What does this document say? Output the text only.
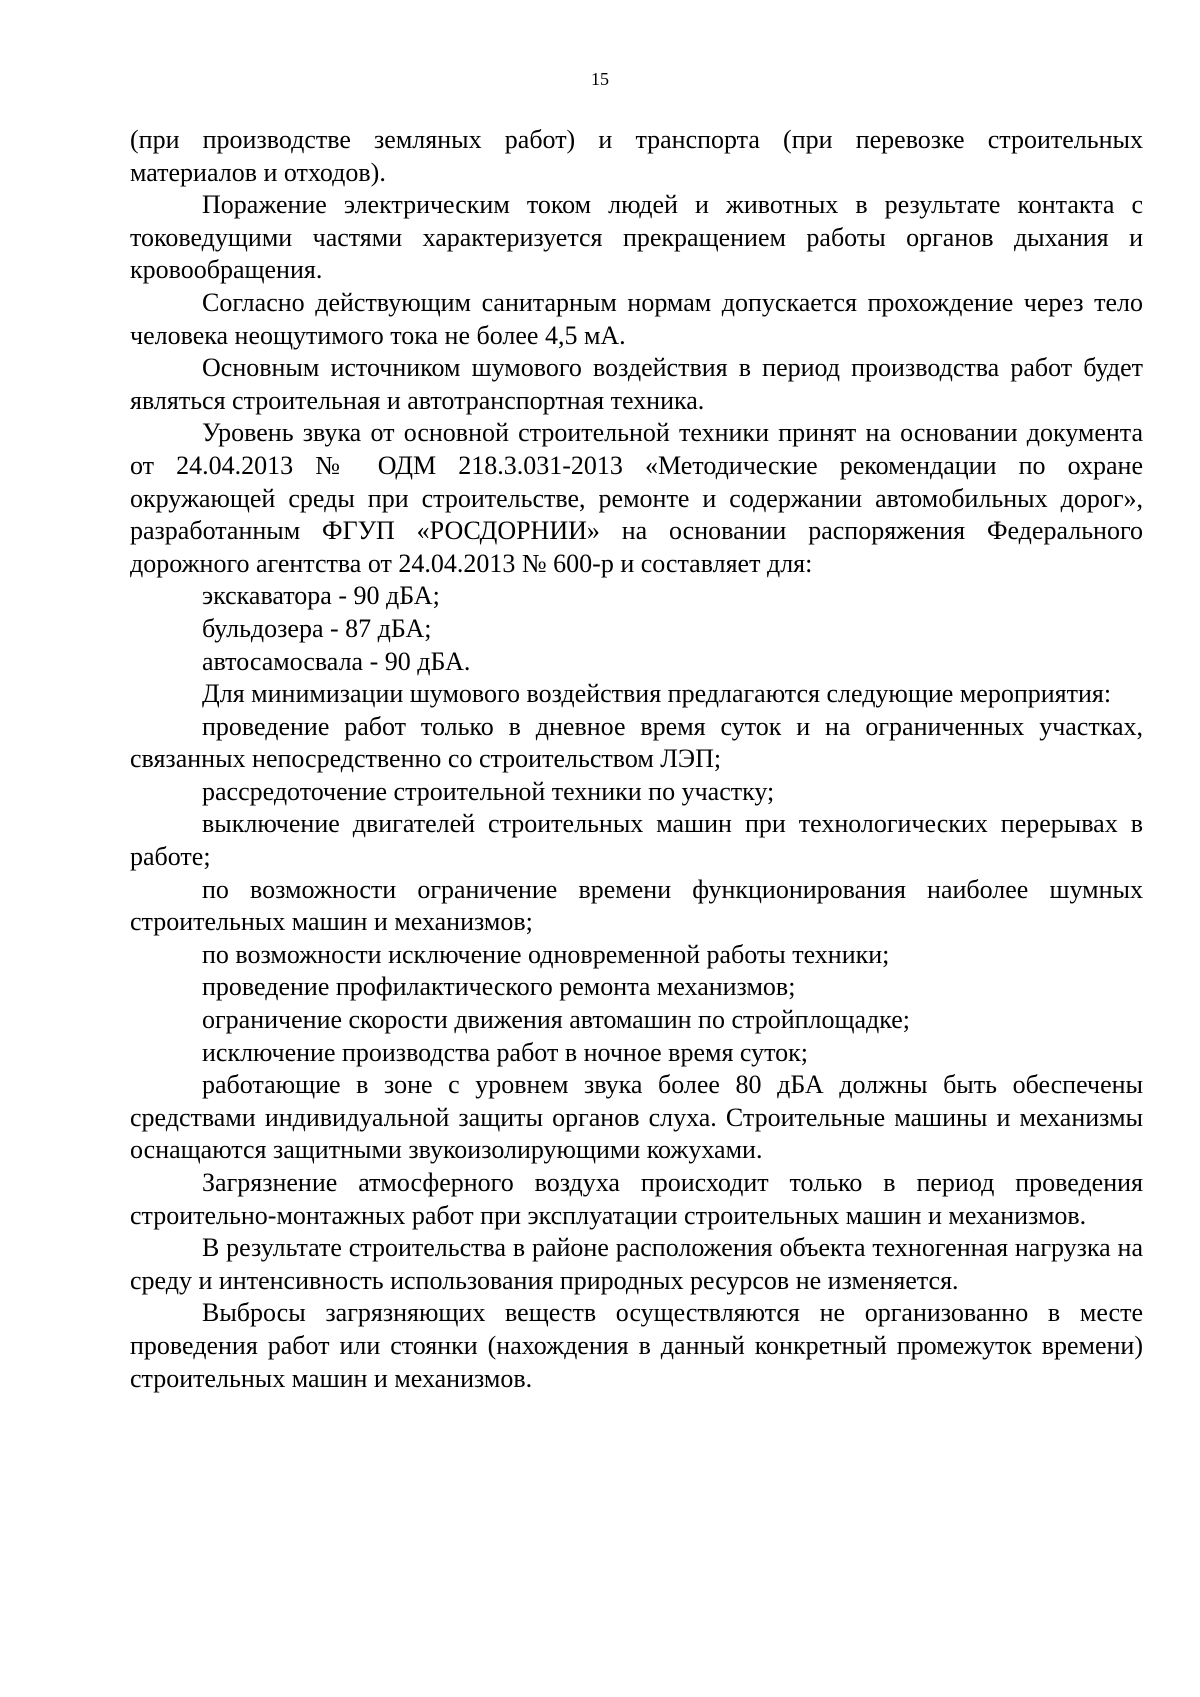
15

(при производстве земляных работ) и транспорта (при перевозке строительных материалов и отходов).

Поражение электрическим током людей и животных в результате контакта с токоведущими частями характеризуется прекращением работы органов дыхания и кровообращения.

Согласно действующим санитарным нормам допускается прохождение через тело человека неощутимого тока не более 4,5 мА.

Основным источником шумового воздействия в период производства работ будет являться строительная и автотранспортная техника.

Уровень звука от основной строительной техники принят на основании документа от 24.04.2013 № ОДМ 218.3.031-2013 «Методические рекомендации по охране окружающей среды при строительстве, ремонте и содержании автомобильных дорог», разработанным ФГУП «РОСДОРНИИ» на основании распоряжения Федерального дорожного агентства от 24.04.2013 № 600-р и составляет для:

экскаватора - 90 дБА;

бульдозера - 87 дБА;

автосамосвала - 90 дБА.

Для минимизации шумового воздействия предлагаются следующие мероприятия:

проведение работ только в дневное время суток и на ограниченных участках, связанных непосредственно со строительством ЛЭП;

рассредоточение строительной техники по участку;

выключение двигателей строительных машин при технологических перерывах в работе;

по возможности ограничение времени функционирования наиболее шумных строительных машин и механизмов;

по возможности исключение одновременной работы техники;

проведение профилактического ремонта механизмов;

ограничение скорости движения автомашин по стройплощадке;

исключение производства работ в ночное время суток;

работающие в зоне с уровнем звука более 80 дБА должны быть обеспечены средствами индивидуальной защиты органов слуха. Строительные машины и механизмы оснащаются защитными звукоизолирующими кожухами.

Загрязнение атмосферного воздуха происходит только в период проведения строительно-монтажных работ при эксплуатации строительных машин и механизмов.

В результате строительства в районе расположения объекта техногенная нагрузка на среду и интенсивность использования природных ресурсов не изменяется.

Выбросы загрязняющих веществ осуществляются не организованно в месте проведения работ или стоянки (нахождения в данный конкретный промежуток времени) строительных машин и механизмов.
